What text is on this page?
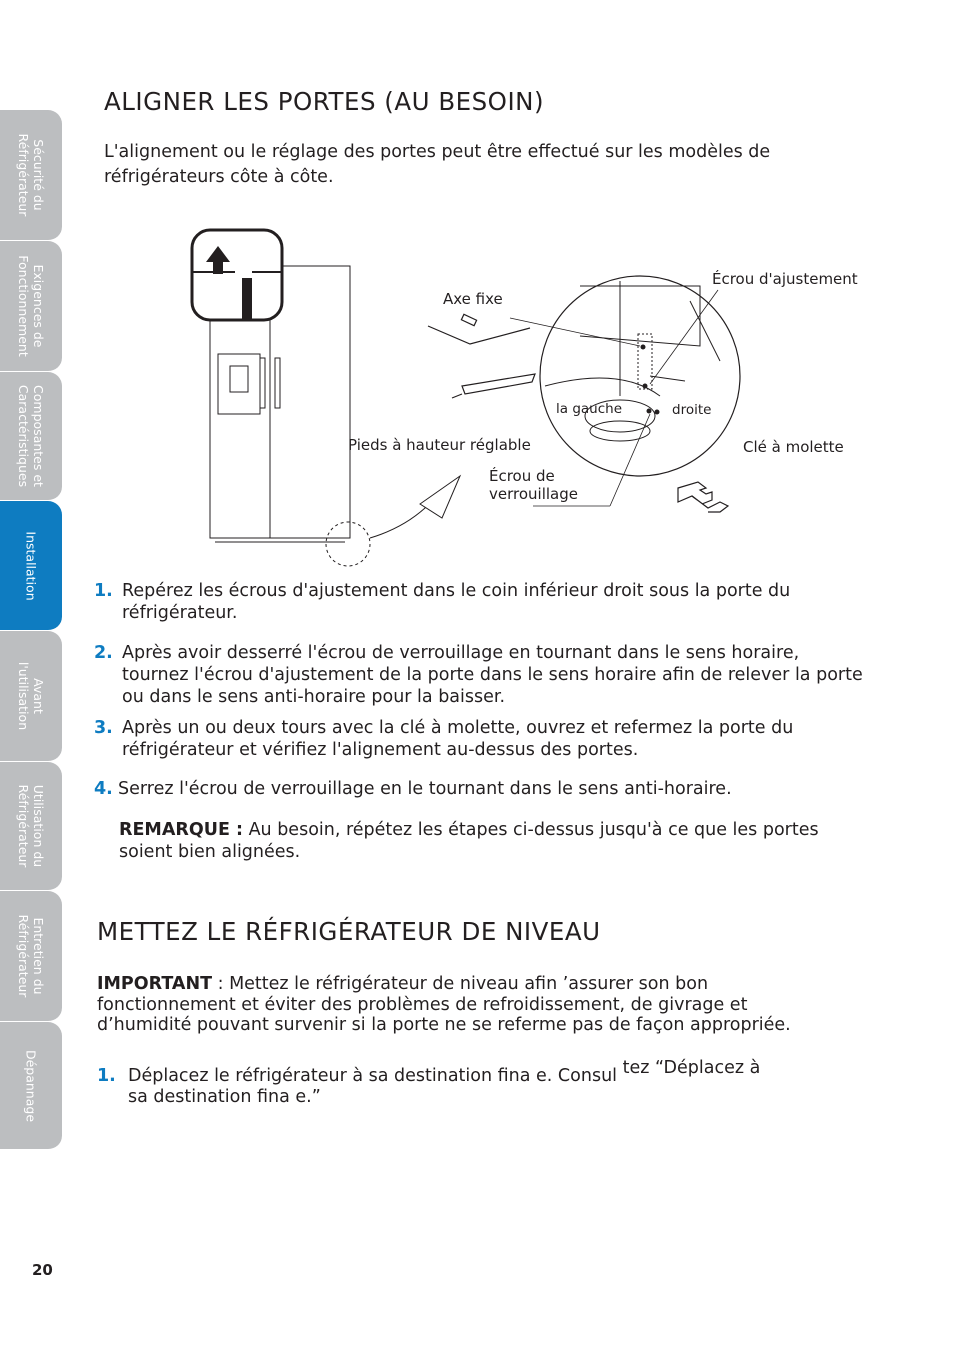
Sécurité du
Réfrigérateur
Exigences de
Fonctionnement
Composantes et
Caractéristiques
Installation
Avant
l'utilisation
Utilisation du
Réfrigérateur
Entretien du
Réfrigérateur
Dépannage
ALIGNER LES PORTES (AU BESOIN)

L'alignement ou le réglage des portes peut être effectué sur les modèles de réfrigérateurs côte à côte.

Axe fixe
Écrou d'ajustement
la gauche	droite
Pieds à hauteur réglable	Clé à molette
Écrou de verrouillage
1. Repérez les écrous d'ajustement dans le coin inférieur droit sous la porte du réfrigérateur.
2. Après avoir desserré l'écrou de verrouillage en tournant dans le sens horaire, tournez l'écrou d'ajustement de la porte dans le sens horaire afin de relever la porte ou dans le sens anti-horaire pour la baisser.
3. Après un ou deux tours avec la clé à molette, ouvrez et refermez la porte du réfrigérateur et vérifiez l'alignement au-dessus des portes.
4. Serrez l'écrou de verrouillage en le tournant dans le sens anti-horaire.
REMARQUE : Au besoin, répétez les étapes ci-dessus jusqu'à ce que les portes soient bien alignées.
METTEZ LE RÉFRIGÉRATEUR DE NIVEAU
IMPORTANT : Mettez le réfrigérateur de niveau afin ’assurer son bon fonctionnement et éviter des problèmes de refroidissement, de givrage et d’humidité pouvant survenir si la porte ne se referme pas de façon appropriée.
1. Déplacez le réfrigérateur à sa destination fina e. Consul tez “Déplacez à
sa destination fina e.”
20
